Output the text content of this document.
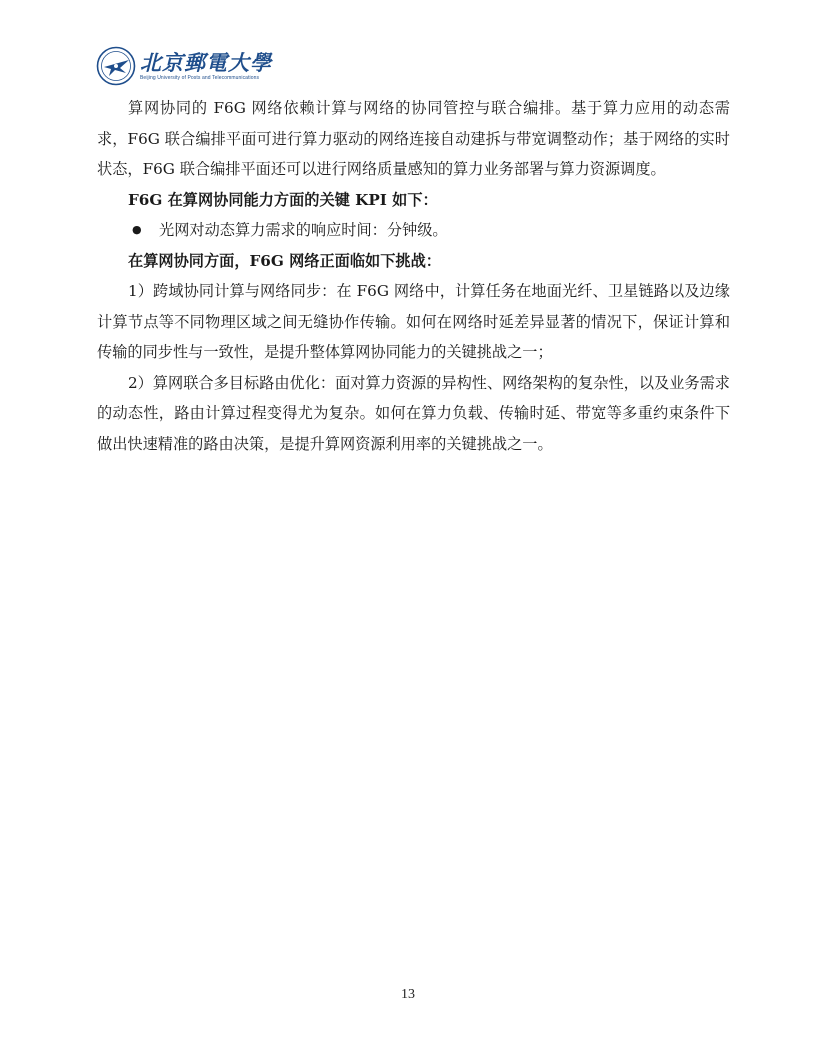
北京郵電大學
Beijing University of Posts and Telecommunications

算网协同的 F6G 网络依赖计算与网络的协同管控与联合编排。基于算力应用的动态需求，F6G 联合编排平面可进行算力驱动的网络连接自动建拆与带宽调整动作；基于网络的实时状态，F6G 联合编排平面还可以进行网络质量感知的算力业务部署与算力资源调度。

F6G 在算网协同能力方面的关键 KPI 如下：

●	光网对动态算力需求的响应时间：分钟级。

在算网协同方面，F6G 网络正面临如下挑战：

1）跨域协同计算与网络同步：在 F6G 网络中，计算任务在地面光纤、卫星链路以及边缘计算节点等不同物理区域之间无缝协作传输。如何在网络时延差异显著的情况下，保证计算和传输的同步性与一致性，是提升整体算网协同能力的关键挑战之一；

2）算网联合多目标路由优化：面对算力资源的异构性、网络架构的复杂性，以及业务需求的动态性，路由计算过程变得尤为复杂。如何在算力负载、传输时延、带宽等多重约束条件下做出快速精准的路由决策，是提升算网资源利用率的关键挑战之一。

13
